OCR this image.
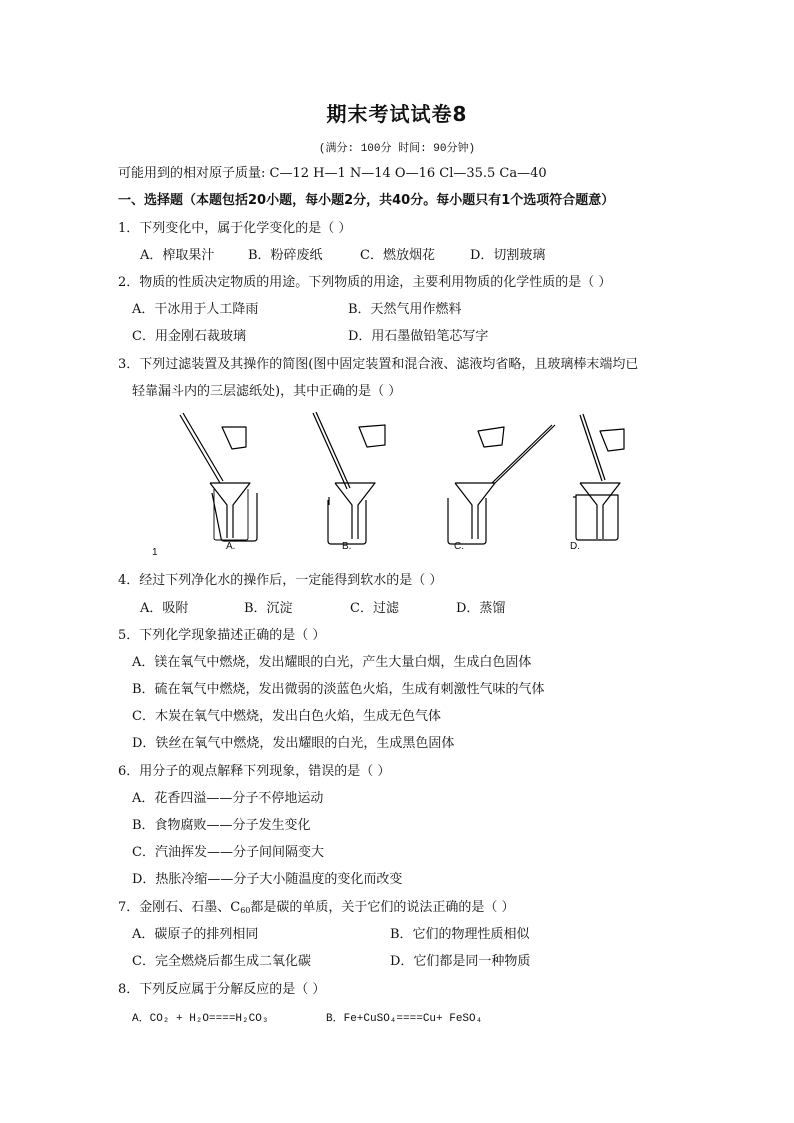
期末考试试卷8
(满分: 100分 时间: 90分钟)
可能用到的相对原子质量: C—12 H—1 N—14 O—16 Cl—35.5 Ca—40
一、选择题（本题包括20小题，每小题2分，共40分。每小题只有1个选项符合题意）
1．下列变化中，属于化学变化的是（ ）
A．榨取果汁	B．粉碎废纸	C．燃放烟花	D．切割玻璃
2．物质的性质决定物质的用途。下列物质的用途，主要利用物质的化学性质的是（ ）
A．干冰用于人工降雨	B．天然气用作燃料
C．用金刚石裁玻璃	D．用石墨做铅笔芯写字
3．下列过滤装置及其操作的简图(图中固定装置和混合液、滤液均省略，且玻璃棒末端均已
轻靠漏斗内的三层滤纸处)，其中正确的是（ ）
1
A.	B.	C.	D.
4．经过下列净化水的操作后，一定能得到软水的是（ ）
A．吸附	B．沉淀	C．过滤	D．蒸馏
5．下列化学现象描述正确的是（ ）
A．镁在氧气中燃烧，发出耀眼的白光，产生大量白烟，生成白色固体
B．硫在氧气中燃烧，发出微弱的淡蓝色火焰，生成有刺激性气味的气体
C．木炭在氧气中燃烧，发出白色火焰，生成无色气体
D．铁丝在氧气中燃烧，发出耀眼的白光，生成黑色固体
6．用分子的观点解释下列现象，错误的是（ ）
A．花香四溢——分子不停地运动
B．食物腐败——分子发生变化
C．汽油挥发——分子间间隔变大
D．热胀冷缩——分子大小随温度的变化而改变
7．金刚石、石墨、$C_{60}$都是碳的单质，关于它们的说法正确的是（ ）
A．碳原子的排列相同	B．它们的物理性质相似
C．完全燃烧后都生成二氧化碳	D．它们都是同一种物质
8．下列反应属于分解反应的是（ ）
A．CO₂ + H₂O====H₂CO₃	B．Fe+CuSO₄====Cu+ FeSO₄
